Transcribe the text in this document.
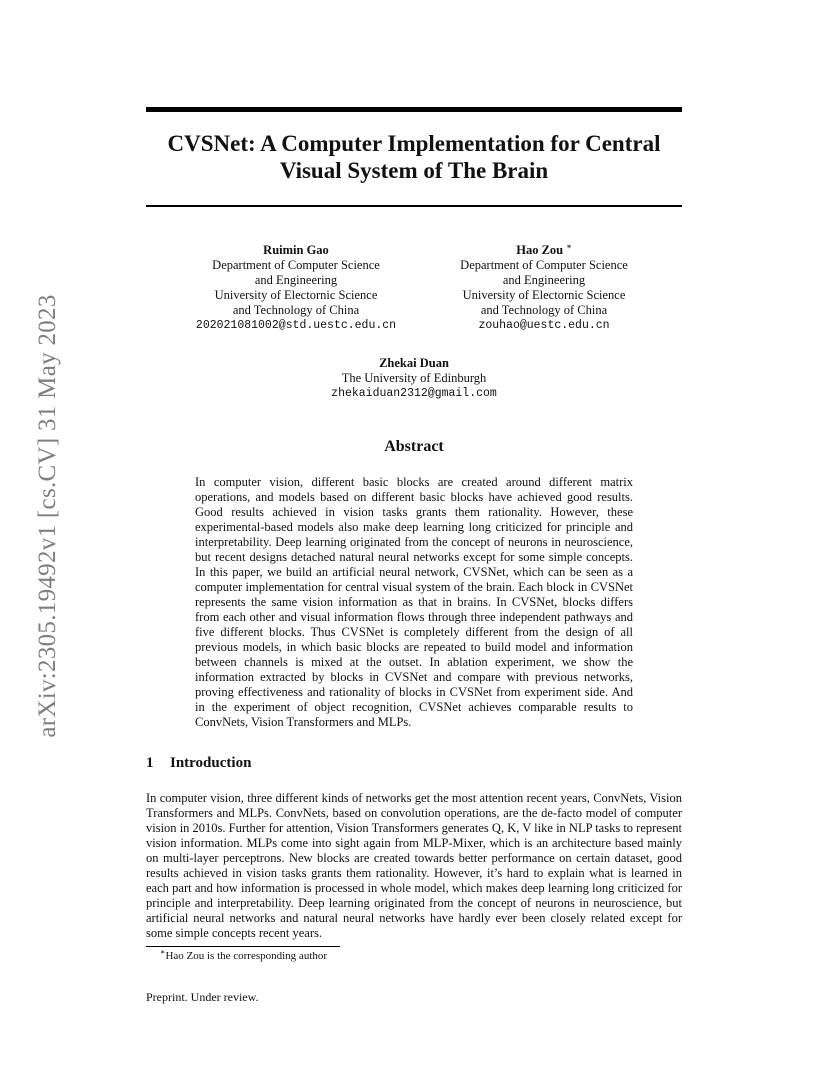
arXiv:2305.19492v1 [cs.CV] 31 May 2023
CVSNet: A Computer Implementation for Central Visual System of The Brain
Ruimin Gao
Department of Computer Science
and Engineering
University of Electornic Science
and Technology of China
202021081002@std.uestc.edu.cn
Hao Zou ∗
Department of Computer Science
and Engineering
University of Electornic Science
and Technology of China
zouhao@uestc.edu.cn
Zhekai Duan
The University of Edinburgh
zhekaiduan2312@gmail.com
Abstract
In computer vision, different basic blocks are created around different matrix operations, and models based on different basic blocks have achieved good results. Good results achieved in vision tasks grants them rationality. However, these experimental-based models also make deep learning long criticized for principle and interpretability. Deep learning originated from the concept of neurons in neuroscience, but recent designs detached natural neural networks except for some simple concepts. In this paper, we build an artificial neural network, CVSNet, which can be seen as a computer implementation for central visual system of the brain. Each block in CVSNet represents the same vision information as that in brains. In CVSNet, blocks differs from each other and visual information flows through three independent pathways and five different blocks. Thus CVSNet is completely different from the design of all previous models, in which basic blocks are repeated to build model and information between channels is mixed at the outset. In ablation experiment, we show the information extracted by blocks in CVSNet and compare with previous networks, proving effectiveness and rationality of blocks in CVSNet from experiment side. And in the experiment of object recognition, CVSNet achieves comparable results to ConvNets, Vision Transformers and MLPs.
1 Introduction
In computer vision, three different kinds of networks get the most attention recent years, ConvNets, Vision Transformers and MLPs. ConvNets, based on convolution operations, are the de-facto model of computer vision in 2010s. Further for attention, Vision Transformers generates Q, K, V like in NLP tasks to represent vision information. MLPs come into sight again from MLP-Mixer, which is an architecture based mainly on multi-layer perceptrons. New blocks are created towards better performance on certain dataset, good results achieved in vision tasks grants them rationality. However, it’s hard to explain what is learned in each part and how information is processed in whole model, which makes deep learning long criticized for principle and interpretability. Deep learning originated from the concept of neurons in neuroscience, but artificial neural networks and natural neural networks have hardly ever been closely related except for some simple concepts recent years.
∗Hao Zou is the corresponding author
Preprint. Under review.
